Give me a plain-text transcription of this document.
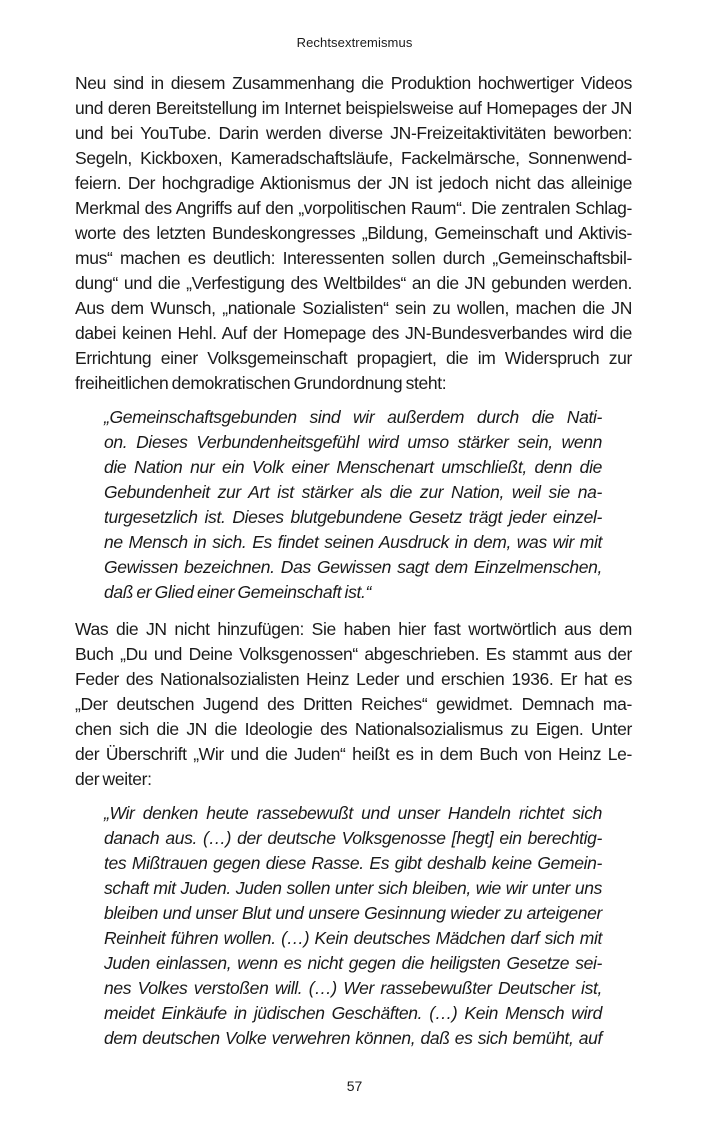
Rechtsextremismus

Neu sind in diesem Zusammenhang die Produktion hochwertiger Videos
und deren Bereitstellung im Internet beispielsweise auf Homepages der JN
und bei YouTube. Darin werden diverse JN-Freizeitaktivitäten beworben:
Segeln, Kickboxen, Kameradschaftsläufe, Fackelmärsche, Sonnenwend-
feiern. Der hochgradige Aktionismus der JN ist jedoch nicht das alleinige
Merkmal des Angriffs auf den „vorpolitischen Raum“. Die zentralen Schlag-
worte des letzten Bundeskongresses „Bildung, Gemeinschaft und Aktivis-
mus“ machen es deutlich: Interessenten sollen durch „Gemeinschaftsbil-
dung“ und die „Verfestigung des Weltbildes“ an die JN gebunden werden.
Aus dem Wunsch, „nationale Sozialisten“ sein zu wollen, machen die JN
dabei keinen Hehl. Auf der Homepage des JN-Bundesverbandes wird die
Errichtung einer Volksgemeinschaft propagiert, die im Widerspruch zur
freiheitlichen demokratischen Grundordnung steht:

„Gemeinschaftsgebunden sind wir außerdem durch die Nati-
on. Dieses Verbundenheitsgefühl wird umso stärker sein, wenn
die Nation nur ein Volk einer Menschenart umschließt, denn die
Gebundenheit zur Art ist stärker als die zur Nation, weil sie na-
turgesetzlich ist. Dieses blutgebundene Gesetz trägt jeder einzel-
ne Mensch in sich. Es findet seinen Ausdruck in dem, was wir mit
Gewissen bezeichnen. Das Gewissen sagt dem Einzelmenschen,
daß er Glied einer Gemeinschaft ist.“

Was die JN nicht hinzufügen: Sie haben hier fast wortwörtlich aus dem
Buch „Du und Deine Volksgenossen“ abgeschrieben. Es stammt aus der
Feder des Nationalsozialisten Heinz Leder und erschien 1936. Er hat es
„Der deutschen Jugend des Dritten Reiches“ gewidmet. Demnach ma-
chen sich die JN die Ideologie des Nationalsozialismus zu Eigen. Unter
der Überschrift „Wir und die Juden“ heißt es in dem Buch von Heinz Le-
der weiter:

„Wir denken heute rassebewußt und unser Handeln richtet sich
danach aus. (…) der deutsche Volksgenosse [hegt] ein berechtig-
tes Mißtrauen gegen diese Rasse. Es gibt deshalb keine Gemein-
schaft mit Juden. Juden sollen unter sich bleiben, wie wir unter uns
bleiben und unser Blut und unsere Gesinnung wieder zu arteigener
Reinheit führen wollen. (…) Kein deutsches Mädchen darf sich mit
Juden einlassen, wenn es nicht gegen die heiligsten Gesetze sei-
nes Volkes verstoßen will. (…) Wer rassebewußter Deutscher ist,
meidet Einkäufe in jüdischen Geschäften. (…) Kein Mensch wird
dem deutschen Volke verwehren können, daß es sich bemüht, auf
57
